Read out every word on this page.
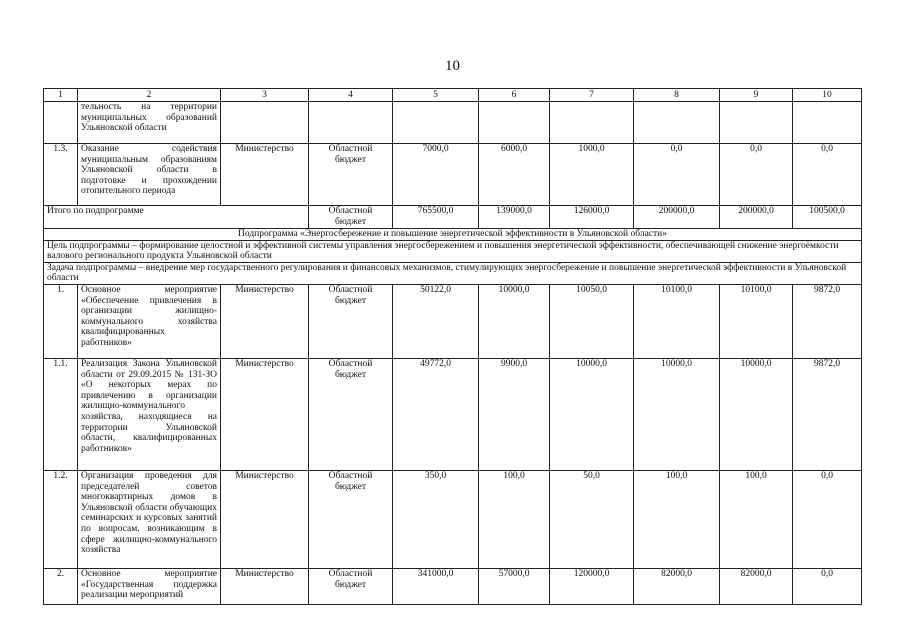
10
1	2	3	4	5	6	7	8	9	10
	тельность на территории муниципальных образований Ульяновской области								
1.3.	Оказание содействия муниципальным образованиям Ульяновской области в подготовке и прохождении отопительного периода	Министерство	Областной бюджет	7000,0	6000,0	1000,0	0,0	0,0	0,0
Итого по подпрограмме			Областной бюджет	765500,0	139000,0	126000,0	200000,0	200000,0	100500,0
Подпрограмма «Энергосбережение и повышение энергетической эффективности в Ульяновской области»									
Цель подпрограммы – формирование целостной и эффективной системы управления энергосбережением и повышения энергетической эффективности, обеспечивающей снижение энергоёмкости валового регионального продукта Ульяновской области									
Задача подпрограммы – внедрение мер государственного регулирования и финансовых механизмов, стимулирующих энергосбережение и повышение энергетической эффективности в Ульяновской области									
1.	Основное мероприятие «Обеспечение привлечения в организации жилищно-коммунального хозяйства квалифицированных работников»	Министерство	Областной бюджет	50122,0	10000,0	10050,0	10100,0	10100,0	9872,0
1.1.	Реализация Закона Ульяновской области от 29.09.2015 № 131-ЗО «О некоторых мерах по привлечению в организации жилищно-коммунального хозяйства, находящиеся на территории Ульяновской области, квалифицированных работников»	Министерство	Областной бюджет	49772,0	9900,0	10000,0	10000,0	10000,0	9872,0
1.2.	Организация проведения для председателей советов многоквартирных домов в Ульяновской области обучающих семинарских и курсовых занятий по вопросам, возникающим в сфере жилищно-коммунального хозяйства	Министерство	Областной бюджет	350,0	100,0	50,0	100,0	100,0	0,0
2.	Основное мероприятие «Государственная поддержка реализации мероприятий	Министерство	Областной бюджет	341000,0	57000,0	120000,0	82000,0	82000,0	0,0
